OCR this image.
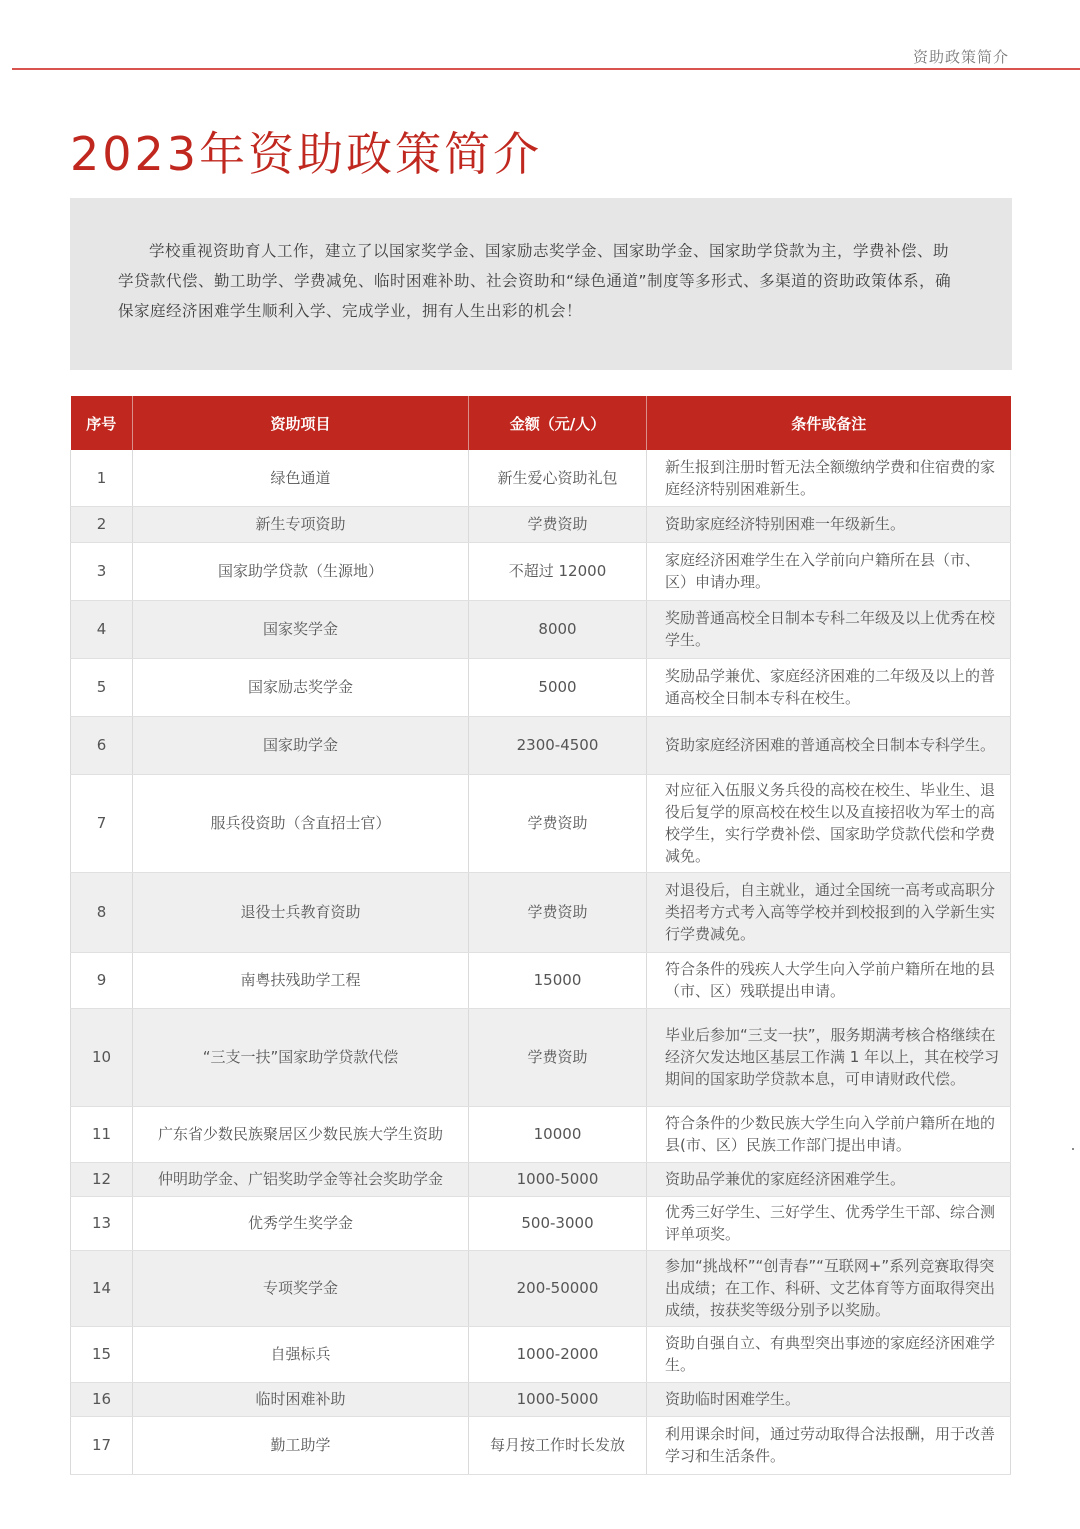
资助政策简介
2023年资助政策简介

学校重视资助育人工作，建立了以国家奖学金、国家励志奖学金、国家助学金、国家助学贷款为主，学费补偿、助学贷款代偿、勤工助学、学费减免、临时困难补助、社会资助和“绿色通道”制度等多形式、多渠道的资助政策体系，确保家庭经济困难学生顺利入学、完成学业，拥有人生出彩的机会！

序号	资助项目	金额（元/人）	条件或备注
1	绿色通道	新生爱心资助礼包	新生报到注册时暂无法全额缴纳学费和住宿费的家庭经济特别困难新生。
2	新生专项资助	学费资助	资助家庭经济特别困难一年级新生。
3	国家助学贷款（生源地）	不超过 12000	家庭经济困难学生在入学前向户籍所在县（市、区）申请办理。
4	国家奖学金	8000	奖励普通高校全日制本专科二年级及以上优秀在校学生。
5	国家励志奖学金	5000	奖励品学兼优、家庭经济困难的二年级及以上的普通高校全日制本专科在校生。
6	国家助学金	2300-4500	资助家庭经济困难的普通高校全日制本专科学生。
7	服兵役资助（含直招士官）	学费资助	对应征入伍服义务兵役的高校在校生、毕业生、退役后复学的原高校在校生以及直接招收为军士的高校学生，实行学费补偿、国家助学贷款代偿和学费减免。
8	退役士兵教育资助	学费资助	对退役后，自主就业，通过全国统一高考或高职分类招考方式考入高等学校并到校报到的入学新生实行学费减免。
9	南粤扶残助学工程	15000	符合条件的残疾人大学生向入学前户籍所在地的县（市、区）残联提出申请。
10	“三支一扶”国家助学贷款代偿	学费资助	毕业后参加“三支一扶”，服务期满考核合格继续在经济欠发达地区基层工作满 1 年以上，其在校学习期间的国家助学贷款本息，可申请财政代偿。
11	广东省少数民族聚居区少数民族大学生资助	10000	符合条件的少数民族大学生向入学前户籍所在地的县(市、区）民族工作部门提出申请。
12	仲明助学金、广铝奖助学金等社会奖助学金	1000-5000	资助品学兼优的家庭经济困难学生。
13	优秀学生奖学金	500-3000	优秀三好学生、三好学生、优秀学生干部、综合测评单项奖。
14	专项奖学金	200-50000	参加“挑战杯”“创青春”“互联网+”系列竞赛取得突出成绩；在工作、科研、文艺体育等方面取得突出成绩，按获奖等级分别予以奖励。
15	自强标兵	1000-2000	资助自强自立、有典型突出事迹的家庭经济困难学生。
16	临时困难补助	1000-5000	资助临时困难学生。
17	勤工助学	每月按工作时长发放	利用课余时间，通过劳动取得合法报酬，用于改善学习和生活条件。
